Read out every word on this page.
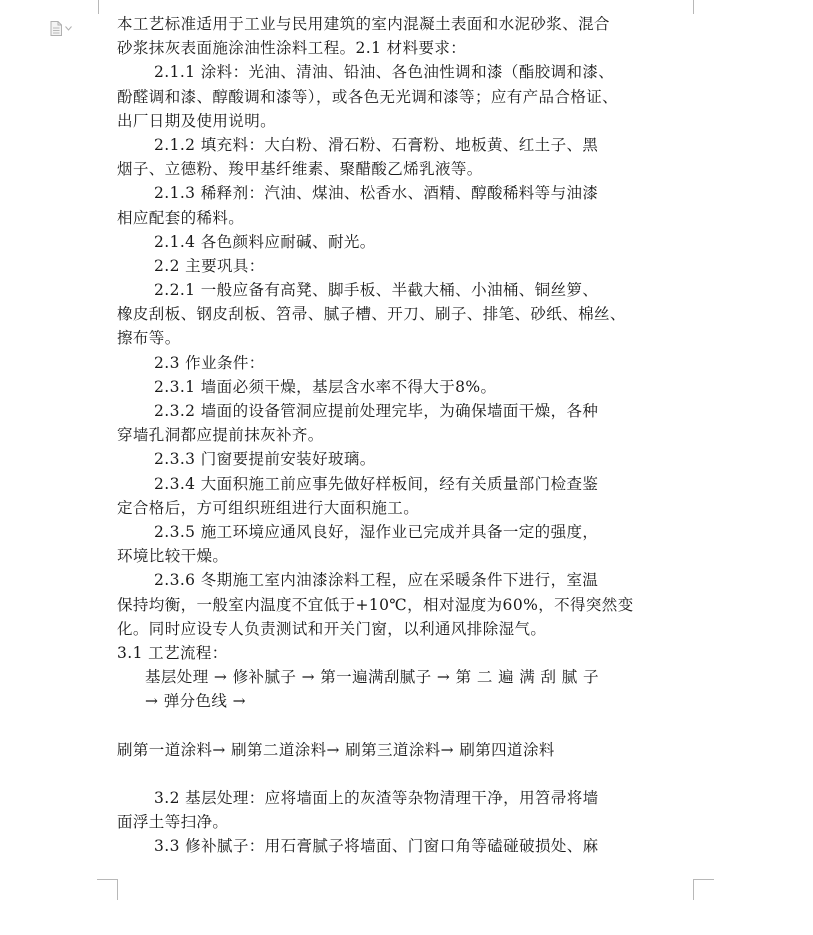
本工艺标准适用于工业与民用建筑的室内混凝土表面和水泥砂浆、混合
砂浆抹灰表面施涂油性涂料工程。2.1 材料要求：
2.1.1 涂料：光油、清油、铅油、各色油性调和漆（酯胶调和漆、
酚醛调和漆、醇酸调和漆等），或各色无光调和漆等；应有产品合格证、
出厂日期及使用说明。
2.1.2 填充料：大白粉、滑石粉、石膏粉、地板黄、红土子、黑
烟子、立德粉、羧甲基纤维素、聚醋酸乙烯乳液等。
2.1.3 稀释剂：汽油、煤油、松香水、酒精、醇酸稀料等与油漆
相应配套的稀料。
2.1.4 各色颜料应耐碱、耐光。
2.2 主要巩具：
2.2.1 一般应备有高凳、脚手板、半截大桶、小油桶、铜丝箩、
橡皮刮板、钢皮刮板、笤帚、腻子槽、开刀、刷子、排笔、砂纸、棉丝、
擦布等。
2.3 作业条件：
2.3.1 墙面必须干燥，基层含水率不得大于8%。
2.3.2 墙面的设备管洞应提前处理完毕，为确保墙面干燥，各种
穿墙孔洞都应提前抹灰补齐。
2.3.3 门窗要提前安装好玻璃。
2.3.4 大面积施工前应事先做好样板间，经有关质量部门检查鉴
定合格后，方可组织班组进行大面积施工。
2.3.5 施工环境应通风良好，湿作业已完成并具备一定的强度，
环境比较干燥。
2.3.6 冬期施工室内油漆涂料工程，应在采暖条件下进行，室温
保持均衡，一般室内温度不宜低于+10℃，相对湿度为60%，不得突然变
化。同时应设专人负责测试和开关门窗，以利通风排除湿气。
3.1 工艺流程：
基层处理 → 修补腻子 → 第一遍满刮腻子 → 第 二 遍 满 刮 腻 子
→ 弹分色线 →
刷第一道涂料→ 刷第二道涂料→ 刷第三道涂料→ 刷第四道涂料
3.2 基层处理：应将墙面上的灰渣等杂物清理干净，用笤帚将墙
面浮土等扫净。
3.3 修补腻子：用石膏腻子将墙面、门窗口角等磕碰破损处、麻
